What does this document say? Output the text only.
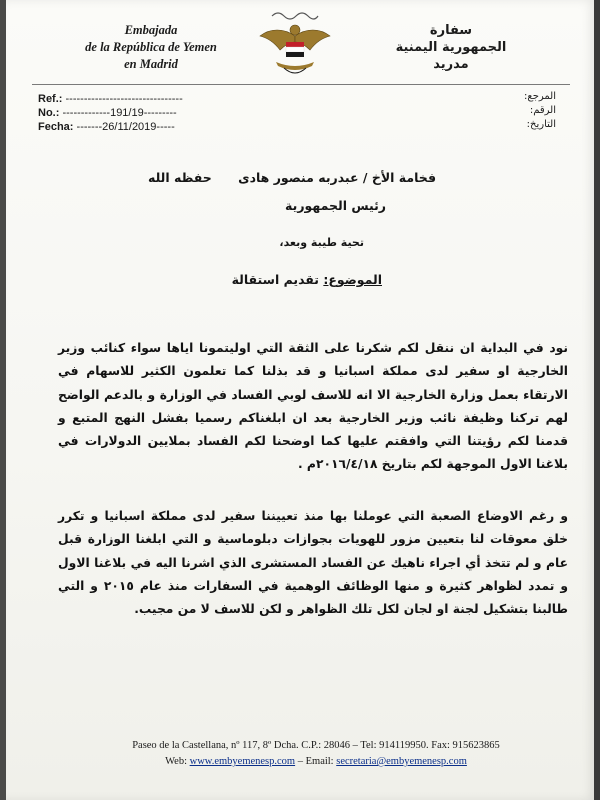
Embajada
de la República de Yemen
en Madrid
سفارة
الجمهورية اليمنية
مدريد
Ref.: --------------------------------
No.: -------------191/19---------
Fecha: -------26/11/2019-----
المرجع:
الرقم:
التاريخ:
فخامة الأخ / عبدربه منصور هادى
حفظه الله
رئيس الجمهورية
تحية طيبة وبعد،
الموضوع: تقديم استقالة
نود في البداية ان ننقل لكم شكرنا على الثقة التي اوليتمونا اياها سواء كنائب وزير الخارجية او سفير لدى مملكة اسبانيا و قد بذلنا كما تعلمون الكثير للاسهام في الارتقاء بعمل وزارة الخارجية الا انه للاسف لوبي الفساد في الوزارة و بالدعم الواضح لهم تركنا وظيفة نائب وزير الخارجية بعد ان ابلغناكم رسميا بفشل النهج المتبع و قدمنا لكم رؤيتنا التي وافقتم عليها كما اوضحنا لكم الفساد بملايين الدولارات في بلاغنا الاول الموجهة لكم بتاريخ ٢٠١٦/٤/١٨م .
و رغم الاوضاع الصعبة التي عوملنا بها منذ تعييننا سفير لدى مملكة اسبانيا و تكرر خلق معوقات لنا بتعيين مزور للهويات بجوازات دبلوماسية و التي ابلغنا الوزارة قبل عام و لم تتخذ أي اجراء ناهيك عن الفساد المستشرى الذي اشرنا اليه في بلاغنا الاول و تمدد لظواهر كثيرة و منها الوظائف الوهمية في السفارات منذ عام ٢٠١٥ و التي طالبنا بتشكيل لجنة او لجان لكل تلك الظواهر و لكن للاسف لا من مجيب.
Paseo de la Castellana, nº 117, 8º Dcha. C.P.: 28046 – Tel: 914119950. Fax: 915623865
Web: www.embyemenesp.com – Email: secretaria@embyemenesp.com
